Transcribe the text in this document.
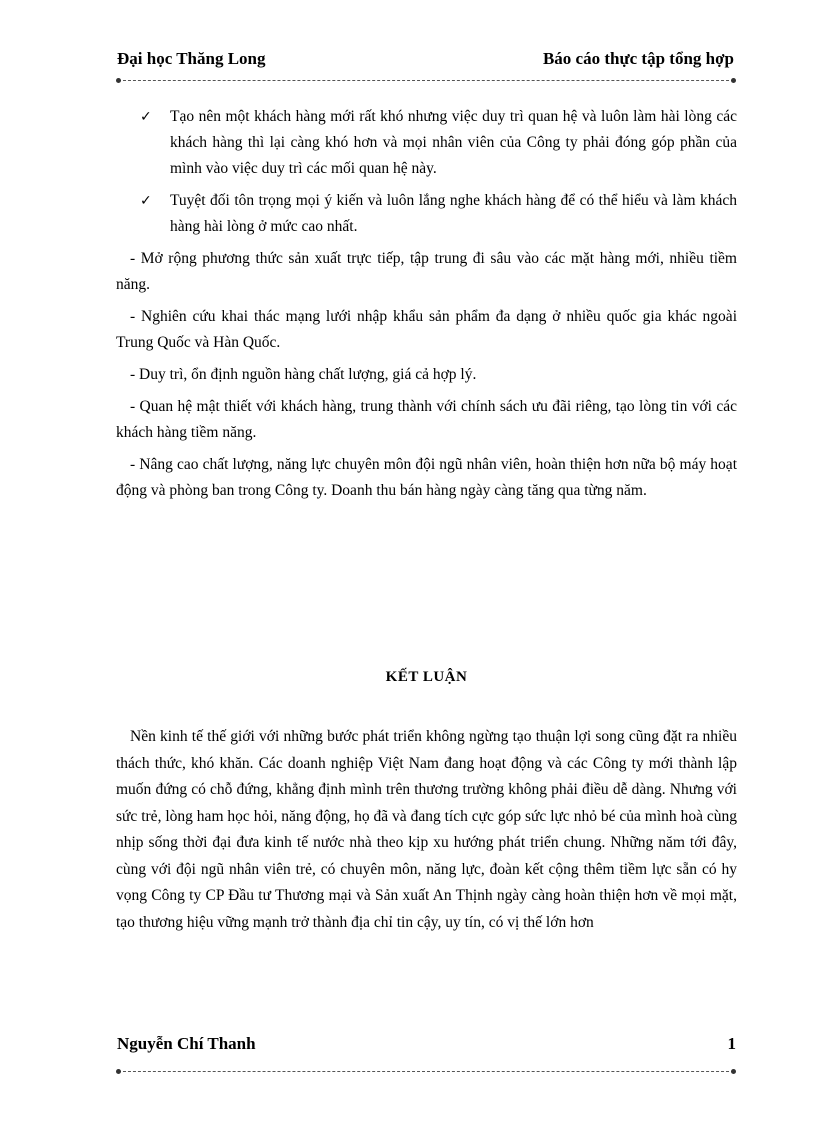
Đại học Thăng Long	Báo cáo thực tập tổng hợp
✓	Tạo nên một khách hàng mới rất khó nhưng việc duy trì quan hệ và luôn làm hài lòng các khách hàng thì lại càng khó hơn và mọi nhân viên của Công ty phải đóng góp phần của mình vào việc duy trì các mối quan hệ này.
✓	Tuyệt đối tôn trọng mọi ý kiến và luôn lắng nghe khách hàng để có thể hiểu và làm khách hàng hài lòng ở mức cao nhất.

- Mở rộng phương thức sản xuất trực tiếp, tập trung đi sâu vào các mặt hàng mới, nhiều tiềm năng.

- Nghiên cứu khai thác mạng lưới nhập khẩu sản phẩm đa dạng ở nhiều quốc gia khác ngoài Trung Quốc và Hàn Quốc.

- Duy trì, ổn định nguồn hàng chất lượng, giá cả hợp lý.

- Quan hệ mật thiết với khách hàng, trung thành với chính sách ưu đãi riêng, tạo lòng tin với các khách hàng tiềm năng.

- Nâng cao chất lượng, năng lực chuyên môn đội ngũ nhân viên, hoàn thiện hơn nữa bộ máy hoạt động và phòng ban trong Công ty. Doanh thu bán hàng ngày càng tăng qua từng năm.

KẾT LUẬN

Nền kinh tế thế giới với những bước phát triển không ngừng tạo thuận lợi song cũng đặt ra nhiều thách thức, khó khăn. Các doanh nghiệp Việt Nam đang hoạt động và các Công ty mới thành lập muốn đứng có chỗ đứng, khẳng định mình trên thương trường không phải điều dễ dàng. Nhưng với sức trẻ, lòng ham học hỏi, năng động, họ đã và đang tích cực góp sức lực nhỏ bé của mình hoà cùng nhịp sống thời đại đưa kinh tế nước nhà theo kịp xu hướng phát triển chung. Những năm tới đây, cùng với đội ngũ nhân viên trẻ, có chuyên môn, năng lực, đoàn kết cộng thêm tiềm lực sẵn có hy vọng Công ty CP Đầu tư Thương mại và Sản xuất An Thịnh ngày càng hoàn thiện hơn về mọi mặt, tạo thương hiệu vững mạnh trở thành địa chỉ tin cậy, uy tín, có vị thế lớn hơn

Nguyễn Chí Thanh	1
